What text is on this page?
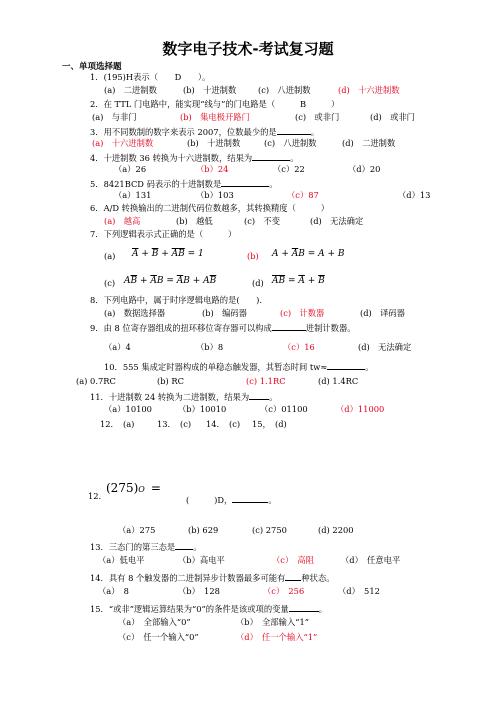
数字电子技术-考试复习题
一、单项选择题
1．(195)H表示（　　D　　）。
(a)　二进制数	(b)　十进制数	(c)　八进制数	(d)　十六进制数
2．在 TTL 门电路中，能实现“线与”的门电路是（　　　B　　　）
(a)　与非门	(b)　集电极开路门	(c)　或非门	(d)　或非门
3．用不同数制的数字来表示 2007，位数最少的是	。
(a)　十六进制数	(b)　十进制数	(c)　八进制数	(d)　二进制数
4．十进制数 36 转换为十六进制数，结果为	。
（a）26	（b）24	（c）22	（d）20
5．8421BCD 码表示的十进制数是	。
（a）131	（b）103	（c）87	（d）13
6．A/D 转换输出的二进制代码位数越多，其转换精度（　　　）
(a)　越高	(b)　越低	(c)　不变	(d)　无法确定
7．下列逻辑表示式正确的是（　　　）
(a) $\overline{A} + \overline{B} + \overline{A}\overline{B} = 1$	(b) $A + \overline{A}B = A + B$
(c) $A\overline{B} + \overline{A}B = \overline{A}B + A\overline{B}$	(d) $\overline{AB} = \overline{A} + \overline{B}$
8．下列电路中，属于时序逻辑电路的是(　　).
(a)　数据选择器	(b)　编码器	(c)　计数器	(d)　译码器
9．由 8 位寄存器组成的扭环移位寄存器可以构成	进制计数器。
（a）4	（b）8	（c）16	(d)　无法确定
10．555 集成定时器构成的单稳态触发器，其暂态时间 tw≈	。
(a) 0.7RC	(b) RC	(c) 1.1RC	(d) 1.4RC
11．十进制数 24 转换为二进制数，结果为 。
（a）10100	（b）10010	（c）01100	（d）11000
12．　(a)	13．　(c) 14．　(c) 15，　(d)
12.
(275)O =
(　　　)D，	。
（a）275	(b) 629	(c) 2750	(d) 2200
13．三态门的第三态是 。
（a）低电平	（b）高电平	（c）　高阻	（d）　任意电平
14．具有 8 个触发器的二进制异步计数器最多可能有 种状态。
（a）　8	（b）　128	（c）　256	（d）　512
15．“或非”逻辑运算结果为“0”的条件是该或项的变量	。
（a）　全部输入“0”	（b）　全部输入“1”
（c）　任一个输入“0”	（d）　任一个输入“1”
